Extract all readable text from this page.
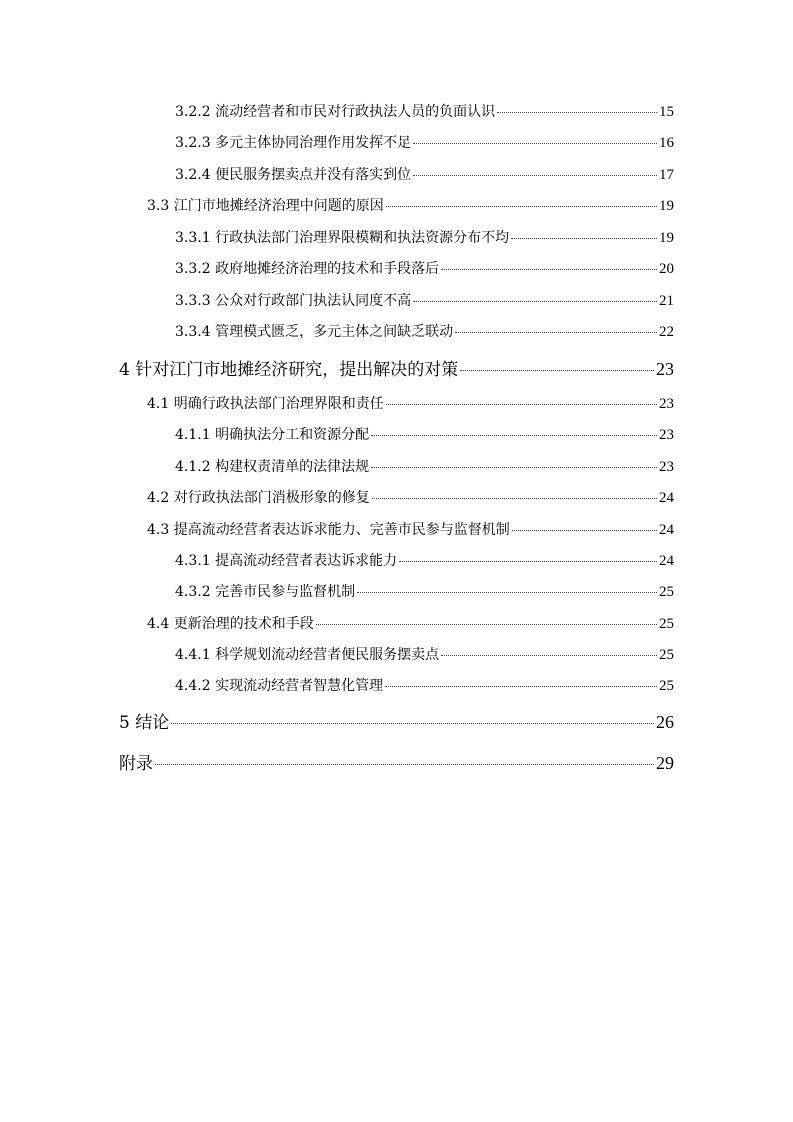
3.2.2 流动经营者和市民对行政执法人员的负面认识	15
3.2.3 多元主体协同治理作用发挥不足	16
3.2.4 便民服务摆卖点并没有落实到位	17
3.3 江门市地摊经济治理中问题的原因	19
3.3.1 行政执法部门治理界限模糊和执法资源分布不均	19
3.3.2 政府地摊经济治理的技术和手段落后	20
3.3.3 公众对行政部门执法认同度不高	21
3.3.4 管理模式匮乏，多元主体之间缺乏联动	22
4 针对江门市地摊经济研究，提出解决的对策	23
4.1 明确行政执法部门治理界限和责任	23
4.1.1 明确执法分工和资源分配	23
4.1.2 构建权责清单的法律法规	23
4.2 对行政执法部门消极形象的修复	24
4.3 提高流动经营者表达诉求能力、完善市民参与监督机制	24
4.3.1 提高流动经营者表达诉求能力	24
4.3.2 完善市民参与监督机制	25
4.4 更新治理的技术和手段	25
4.4.1 科学规划流动经营者便民服务摆卖点	25
4.4.2 实现流动经营者智慧化管理	25
5 结论	26
附录	29
